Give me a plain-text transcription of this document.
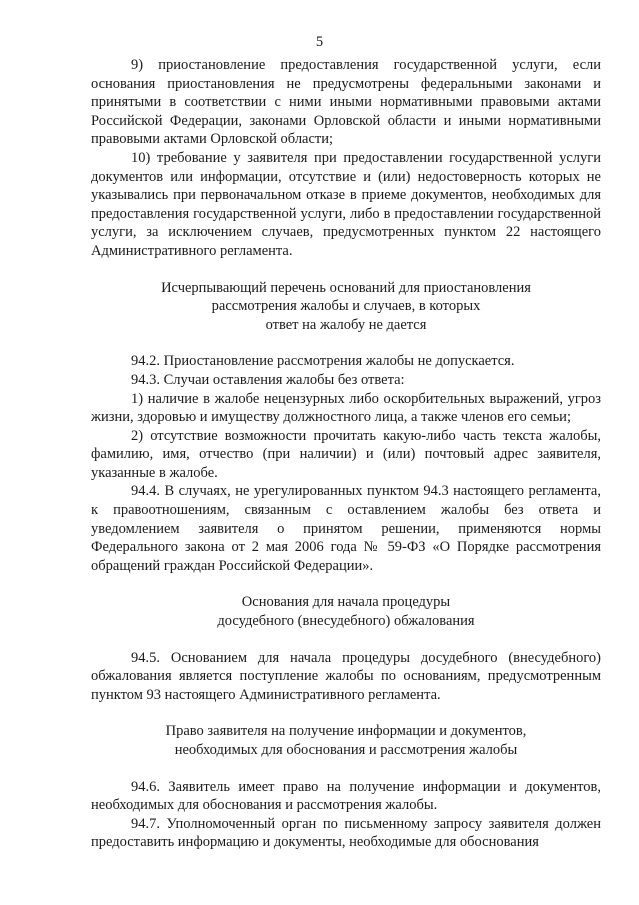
5

9) приостановление предоставления государственной услуги, если основания приостановления не предусмотрены федеральными законами и принятыми в соответствии с ними иными нормативными правовыми актами Российской Федерации, законами Орловской области и иными нормативными правовыми актами Орловской области;

10) требование у заявителя при предоставлении государственной услуги документов или информации, отсутствие и (или) недостоверность которых не указывались при первоначальном отказе в приеме документов, необходимых для предоставления государственной услуги, либо в предоставлении государственной услуги, за исключением случаев, предусмотренных пунктом 22 настоящего Административного регламента.

Исчерпывающий перечень оснований для приостановления
рассмотрения жалобы и случаев, в которых
ответ на жалобу не дается

94.2. Приостановление рассмотрения жалобы не допускается.

94.3. Случаи оставления жалобы без ответа:

1) наличие в жалобе нецензурных либо оскорбительных выражений, угроз жизни, здоровью и имуществу должностного лица, а также членов его семьи;

2) отсутствие возможности прочитать какую-либо часть текста жалобы, фамилию, имя, отчество (при наличии) и (или) почтовый адрес заявителя, указанные в жалобе.

94.4. В случаях, не урегулированных пунктом 94.3 настоящего регламента, к правоотношениям, связанным с оставлением жалобы без ответа и уведомлением заявителя о принятом решении, применяются нормы Федерального закона от 2 мая 2006 года № 59-ФЗ «О Порядке рассмотрения обращений граждан Российской Федерации».

Основания для начала процедуры
досудебного (внесудебного) обжалования

94.5. Основанием для начала процедуры досудебного (внесудебного) обжалования является поступление жалобы по основаниям, предусмотренным пунктом 93 настоящего Административного регламента.

Право заявителя на получение информации и документов,
необходимых для обоснования и рассмотрения жалобы

94.6. Заявитель имеет право на получение информации и документов, необходимых для обоснования и рассмотрения жалобы.

94.7. Уполномоченный орган по письменному запросу заявителя должен предоставить информацию и документы, необходимые для обоснования
